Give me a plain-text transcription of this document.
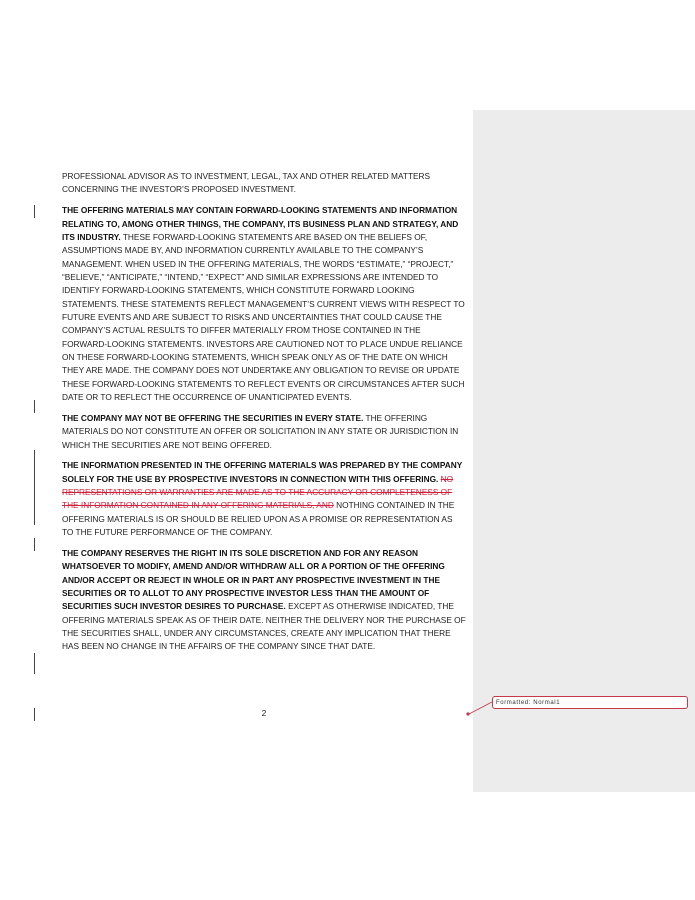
PROFESSIONAL ADVISOR AS TO INVESTMENT, LEGAL, TAX AND OTHER RELATED MATTERS CONCERNING THE INVESTOR’S PROPOSED INVESTMENT.

THE OFFERING MATERIALS MAY CONTAIN FORWARD-LOOKING STATEMENTS AND INFORMATION RELATING TO, AMONG OTHER THINGS, THE COMPANY, ITS BUSINESS PLAN AND STRATEGY, AND ITS INDUSTRY. THESE FORWARD-LOOKING STATEMENTS ARE BASED ON THE BELIEFS OF, ASSUMPTIONS MADE BY, AND INFORMATION CURRENTLY AVAILABLE TO THE COMPANY’S MANAGEMENT. WHEN USED IN THE OFFERING MATERIALS, THE WORDS “ESTIMATE,” “PROJECT,” “BELIEVE,” “ANTICIPATE,” “INTEND,” “EXPECT” AND SIMILAR EXPRESSIONS ARE INTENDED TO IDENTIFY FORWARD-LOOKING STATEMENTS, WHICH CONSTITUTE FORWARD LOOKING STATEMENTS. THESE STATEMENTS REFLECT MANAGEMENT’S CURRENT VIEWS WITH RESPECT TO FUTURE EVENTS AND ARE SUBJECT TO RISKS AND UNCERTAINTIES THAT COULD CAUSE THE COMPANY’S ACTUAL RESULTS TO DIFFER MATERIALLY FROM THOSE CONTAINED IN THE FORWARD-LOOKING STATEMENTS. INVESTORS ARE CAUTIONED NOT TO PLACE UNDUE RELIANCE ON THESE FORWARD-LOOKING STATEMENTS, WHICH SPEAK ONLY AS OF THE DATE ON WHICH THEY ARE MADE. THE COMPANY DOES NOT UNDERTAKE ANY OBLIGATION TO REVISE OR UPDATE THESE FORWARD-LOOKING STATEMENTS TO REFLECT EVENTS OR CIRCUMSTANCES AFTER SUCH DATE OR TO REFLECT THE OCCURRENCE OF UNANTICIPATED EVENTS.

THE COMPANY MAY NOT BE OFFERING THE SECURITIES IN EVERY STATE. THE OFFERING MATERIALS DO NOT CONSTITUTE AN OFFER OR SOLICITATION IN ANY STATE OR JURISDICTION IN WHICH THE SECURITIES ARE NOT BEING OFFERED.

THE INFORMATION PRESENTED IN THE OFFERING MATERIALS WAS PREPARED BY THE COMPANY SOLELY FOR THE USE BY PROSPECTIVE INVESTORS IN CONNECTION WITH THIS OFFERING. NO REPRESENTATIONS OR WARRANTIES ARE MADE AS TO THE ACCURACY OR COMPLETENESS OF THE INFORMATION CONTAINED IN ANY OFFERING MATERIALS, AND NOTHING CONTAINED IN THE OFFERING MATERIALS IS OR SHOULD BE RELIED UPON AS A PROMISE OR REPRESENTATION AS TO THE FUTURE PERFORMANCE OF THE COMPANY.

THE COMPANY RESERVES THE RIGHT IN ITS SOLE DISCRETION AND FOR ANY REASON WHATSOEVER TO MODIFY, AMEND AND/OR WITHDRAW ALL OR A PORTION OF THE OFFERING AND/OR ACCEPT OR REJECT IN WHOLE OR IN PART ANY PROSPECTIVE INVESTMENT IN THE SECURITIES OR TO ALLOT TO ANY PROSPECTIVE INVESTOR LESS THAN THE AMOUNT OF SECURITIES SUCH INVESTOR DESIRES TO PURCHASE. EXCEPT AS OTHERWISE INDICATED, THE OFFERING MATERIALS SPEAK AS OF THEIR DATE. NEITHER THE DELIVERY NOR THE PURCHASE OF THE SECURITIES SHALL, UNDER ANY CIRCUMSTANCES, CREATE ANY IMPLICATION THAT THERE HAS BEEN NO CHANGE IN THE AFFAIRS OF THE COMPANY SINCE THAT DATE.

2
Formatted: Normal1
